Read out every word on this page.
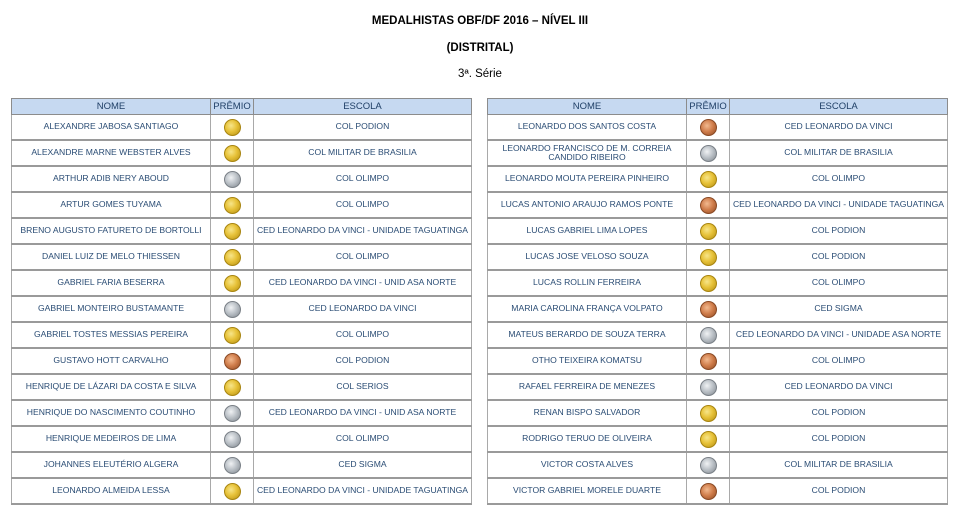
MEDALHISTAS OBF/DF 2016 – NÍVEL III
(DISTRITAL)
3ª. Série
NOME	PRÊMIO	ESCOLA
ALEXANDRE JABOSA SANTIAGO		COL PODION
ALEXANDRE MARNE WEBSTER ALVES		COL MILITAR DE BRASILIA
ARTHUR ADIB NERY ABOUD		COL OLIMPO
ARTUR GOMES TUYAMA		COL OLIMPO
BRENO AUGUSTO FATURETO DE BORTOLLI		CED LEONARDO DA VINCI - UNIDADE TAGUATINGA
DANIEL LUIZ DE MELO THIESSEN		COL OLIMPO
GABRIEL FARIA BESERRA		CED LEONARDO DA VINCI - UNID ASA NORTE
GABRIEL MONTEIRO BUSTAMANTE		CED LEONARDO DA VINCI
GABRIEL TOSTES MESSIAS PEREIRA		COL OLIMPO
GUSTAVO HOTT CARVALHO		COL PODION
HENRIQUE DE LÁZARI DA COSTA E SILVA		COL SERIOS
HENRIQUE DO NASCIMENTO COUTINHO		CED LEONARDO DA VINCI - UNID ASA NORTE
HENRIQUE MEDEIROS DE LIMA		COL OLIMPO
JOHANNES ELEUTÉRIO ALGERA		CED SIGMA
LEONARDO ALMEIDA LESSA		CED LEONARDO DA VINCI - UNIDADE TAGUATINGA
NOME	PRÊMIO	ESCOLA
LEONARDO DOS SANTOS COSTA		CED LEONARDO DA VINCI
LEONARDO FRANCISCO DE M. CORREIA CANDIDO RIBEIRO		COL MILITAR DE BRASILIA
LEONARDO MOUTA PEREIRA PINHEIRO		COL OLIMPO
LUCAS ANTONIO ARAUJO RAMOS PONTE		CED LEONARDO DA VINCI - UNIDADE TAGUATINGA
LUCAS GABRIEL LIMA LOPES		COL PODION
LUCAS JOSE VELOSO SOUZA		COL PODION
LUCAS ROLLIN FERREIRA		COL OLIMPO
MARIA CAROLINA FRANÇA VOLPATO		CED SIGMA
MATEUS BERARDO DE SOUZA TERRA		CED LEONARDO DA VINCI - UNIDADE ASA NORTE
OTHO TEIXEIRA KOMATSU		COL OLIMPO
RAFAEL FERREIRA DE MENEZES		CED LEONARDO DA VINCI
RENAN BISPO SALVADOR		COL PODION
RODRIGO TERUO DE OLIVEIRA		COL PODION
VICTOR COSTA ALVES		COL MILITAR DE BRASILIA
VICTOR GABRIEL MORELE DUARTE		COL PODION
